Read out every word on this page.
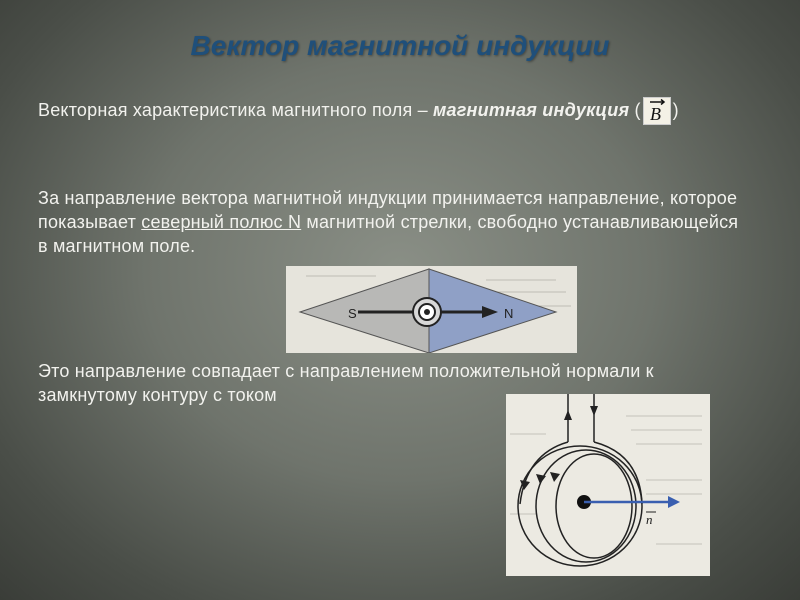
Вектор магнитной индукции
Векторная характеристика магнитного поля – магнитная индукция ( B )
За направление вектора магнитной индукции принимается направление, которое показывает северный полюс N магнитной стрелки, свободно устанавливающейся в магнитном поле.
S	N
Это направление совпадает с направлением положительной нормали к замкнутому контуру с током
n
